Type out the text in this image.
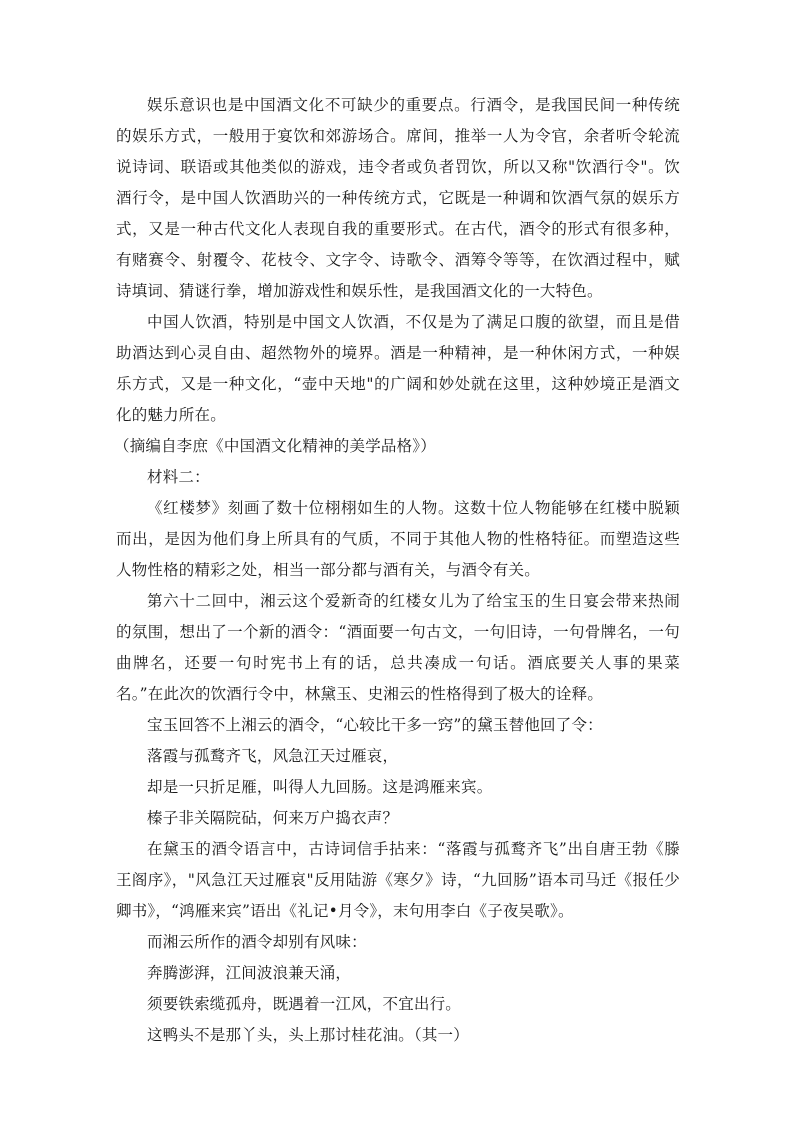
娱乐意识也是中国酒文化不可缺少的重要点。行酒令，是我国民间一种传统的娱乐方式，一般用于宴饮和郊游场合。席间，推举一人为令官，余者听令轮流说诗词、联语或其他类似的游戏，违令者或负者罚饮，所以又称"饮酒行令"。饮酒行令，是中国人饮酒助兴的一种传统方式，它既是一种调和饮酒气氛的娱乐方式，又是一种古代文化人表现自我的重要形式。在古代，酒令的形式有很多种，有赌赛令、射覆令、花枝令、文字令、诗歌令、酒筹令等等，在饮酒过程中，赋诗填词、猜谜行拳，增加游戏性和娱乐性，是我国酒文化的一大特色。

中国人饮酒，特别是中国文人饮酒，不仅是为了满足口腹的欲望，而且是借助酒达到心灵自由、超然物外的境界。酒是一种精神，是一种休闲方式，一种娱乐方式，又是一种文化，“壶中天地"的广阔和妙处就在这里，这种妙境正是酒文化的魅力所在。

（摘编自李庶《中国酒文化精神的美学品格》）

材料二：

《红楼梦》刻画了数十位栩栩如生的人物。这数十位人物能够在红楼中脱颖而出，是因为他们身上所具有的气质，不同于其他人物的性格特征。而塑造这些人物性格的精彩之处，相当一部分都与酒有关，与酒令有关。

第六十二回中，湘云这个爱新奇的红楼女儿为了给宝玉的生日宴会带来热闹的氛围，想出了一个新的酒令：“酒面要一句古文，一句旧诗，一句骨牌名，一句曲牌名，还要一句时宪书上有的话，总共凑成一句话。酒底要关人事的果菜名。”在此次的饮酒行令中，林黛玉、史湘云的性格得到了极大的诠释。

宝玉回答不上湘云的酒令，“心较比干多一窍”的黛玉替他回了令：

落霞与孤鹜齐飞，风急江天过雁哀，

却是一只折足雁，叫得人九回肠。这是鸿雁来宾。

榛子非关隔院砧，何来万户捣衣声？

在黛玉的酒令语言中，古诗词信手拈来：“落霞与孤鹜齐飞”出自唐王勃《滕王阁序》，"风急江天过雁哀"反用陆游《寒夕》诗，“九回肠”语本司马迁《报任少卿书》，“鸿雁来宾”语出《礼记•月令》，末句用李白《子夜吴歌》。

而湘云所作的酒令却别有风味：

奔腾澎湃，江间波浪兼天涌，

须要铁索缆孤舟，既遇着一江风，不宜出行。

这鸭头不是那丫头，头上那讨桂花油。（其一）
